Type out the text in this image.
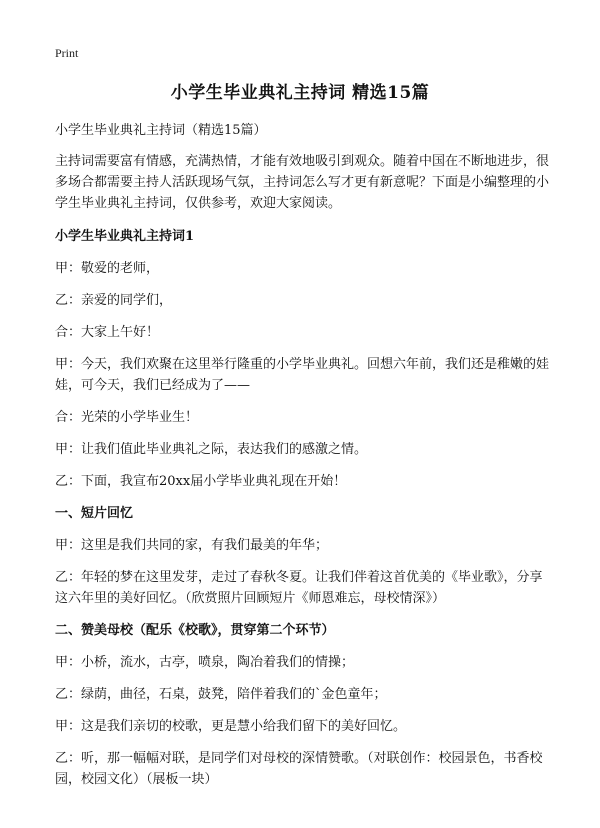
Print
小学生毕业典礼主持词 精选15篇

小学生毕业典礼主持词（精选15篇）

主持词需要富有情感，充满热情，才能有效地吸引到观众。随着中国在不断地进步，很多场合都需要主持人活跃现场气氛，主持词怎么写才更有新意呢？下面是小编整理的小学生毕业典礼主持词，仅供参考，欢迎大家阅读。

小学生毕业典礼主持词1

甲：敬爱的老师，

乙：亲爱的同学们，

合：大家上午好！

甲：今天，我们欢聚在这里举行隆重的小学毕业典礼。回想六年前，我们还是稚嫩的娃娃，可今天，我们已经成为了——

合：光荣的小学毕业生！

甲：让我们值此毕业典礼之际，表达我们的感激之情。

乙：下面，我宣布20xx届小学毕业典礼现在开始！

一、短片回忆

甲：这里是我们共同的家，有我们最美的年华；

乙：年轻的梦在这里发芽，走过了春秋冬夏。让我们伴着这首优美的《毕业歌》，分享这六年里的美好回忆。（欣赏照片回顾短片《师恩难忘，母校情深》）

二、赞美母校（配乐《校歌》，贯穿第二个环节）

甲：小桥，流水，古亭，喷泉，陶冶着我们的情操；

乙：绿荫，曲径，石桌，鼓凳，陪伴着我们的`金色童年；

甲：这是我们亲切的校歌，更是慧小给我们留下的美好回忆。

乙：听，那一幅幅对联，是同学们对母校的深情赞歌。（对联创作：校园景色，书香校园，校园文化）（展板一块）
